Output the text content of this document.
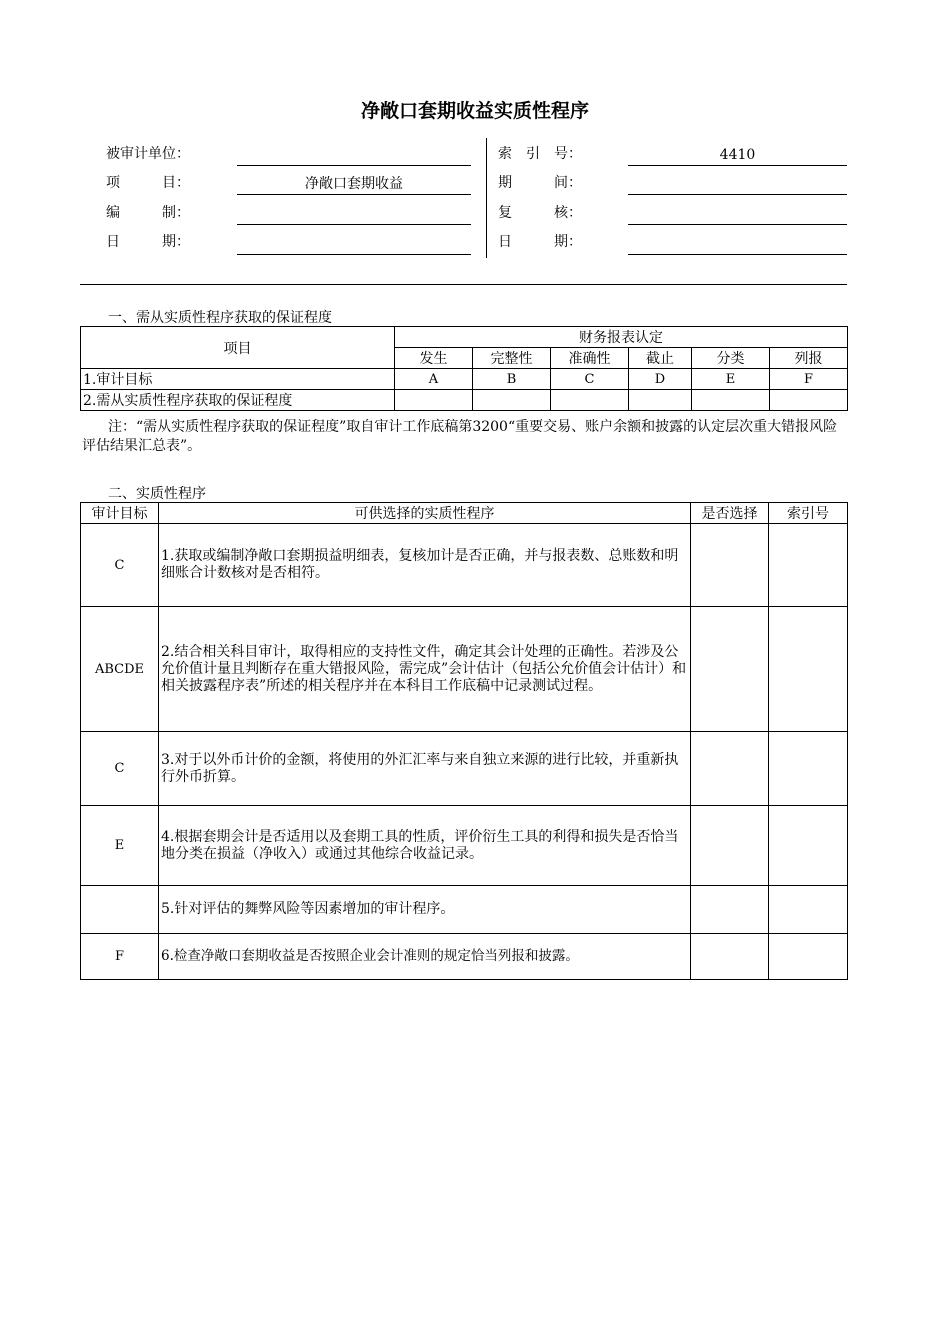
净敞口套期收益实质性程序
被审计单位：
项　　　目：	净敞口套期收益
编　　　制：
日　　　期：
索　引　号：	4410
期　　　间：
复　　　核：
日　　　期：
一、需从实质性程序获取的保证程度
项目	财务报表认定					
	发生	完整性	准确性	截止	分类	列报
1.审计目标	A	B	C	D	E	F
2.需从实质性程序获取的保证程度						
注：“需从实质性程序获取的保证程度”取自审计工作底稿第3200“重要交易、账户余额和披露的认定层次重大错报风险评估结果汇总表”。
二、实质性程序
审计目标	可供选择的实质性程序	是否选择	索引号
C	1.获取或编制净敞口套期损益明细表，复核加计是否正确，并与报表数、总账数和明细账合计数核对是否相符。		
ABCDE	2.结合相关科目审计，取得相应的支持性文件，确定其会计处理的正确性。若涉及公允价值计量且判断存在重大错报风险，需完成”会计估计（包括公允价值会计估计）和相关披露程序表”所述的相关程序并在本科目工作底稿中记录测试过程。		
C	3.对于以外币计价的金额，将使用的外汇汇率与来自独立来源的进行比较，并重新执行外币折算。		
E	4.根据套期会计是否适用以及套期工具的性质，评价衍生工具的利得和损失是否恰当地分类在损益（净收入）或通过其他综合收益记录。		
	5.针对评估的舞弊风险等因素增加的审计程序。		
F	6.检查净敞口套期收益是否按照企业会计准则的规定恰当列报和披露。		
